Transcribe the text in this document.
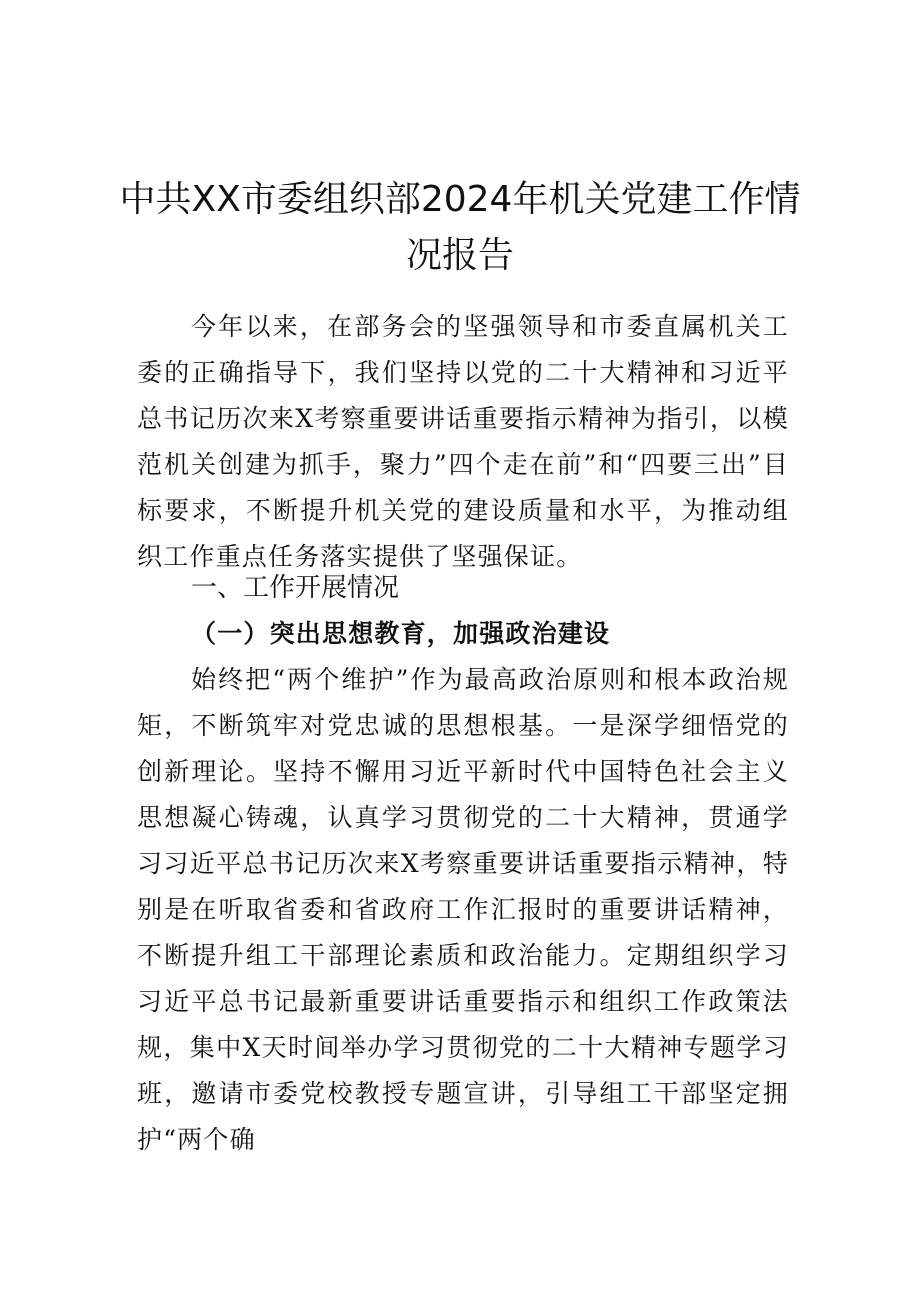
中共XX市委组织部2024年机关党建工作情况报告

今年以来，在部务会的坚强领导和市委直属机关工委的正确指导下，我们坚持以党的二十大精神和习近平总书记历次来X考察重要讲话重要指示精神为指引，以模范机关创建为抓手，聚力”四个走在前”和“四要三出”目标要求，不断提升机关党的建设质量和水平，为推动组织工作重点任务落实提供了坚强保证。

一、工作开展情况
（一）突出思想教育，加强政治建设

始终把“两个维护”作为最高政治原则和根本政治规矩，不断筑牢对党忠诚的思想根基。一是深学细悟党的创新理论。坚持不懈用习近平新时代中国特色社会主义思想凝心铸魂，认真学习贯彻党的二十大精神，贯通学习习近平总书记历次来X考察重要讲话重要指示精神，特别是在听取省委和省政府工作汇报时的重要讲话精神，不断提升组工干部理论素质和政治能力。定期组织学习习近平总书记最新重要讲话重要指示和组织工作政策法规，集中X天时间举办学习贯彻党的二十大精神专题学习班，邀请市委党校教授专题宣讲，引导组工干部坚定拥护“两个确
